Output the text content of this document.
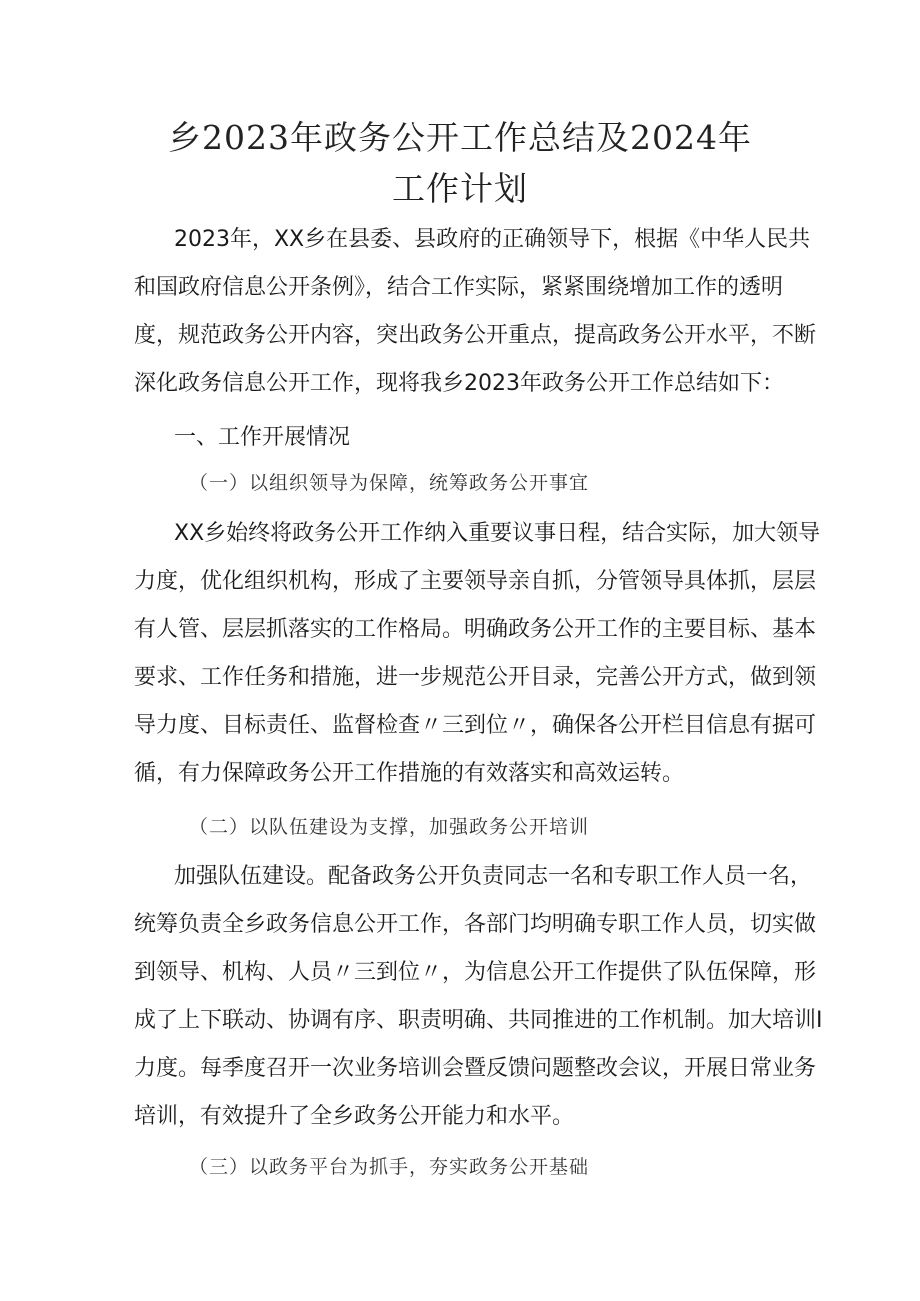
乡2023年政务公开工作总结及2024年
工作计划
2023年，XX乡在县委、县政府的正确领导下，根据《中华人民共
和国政府信息公开条例》，结合工作实际，紧紧围绕增加工作的透明
度，规范政务公开内容，突出政务公开重点，提高政务公开水平，不断
深化政务信息公开工作，现将我乡2023年政务公开工作总结如下：
一、工作开展情况
（一）以组织领导为保障，统筹政务公开事宜
XX乡始终将政务公开工作纳入重要议事日程，结合实际，加大领导
力度，优化组织机构，形成了主要领导亲自抓，分管领导具体抓，层层
有人管、层层抓落实的工作格局。明确政务公开工作的主要目标、基本
要求、工作任务和措施，进一步规范公开目录，完善公开方式，做到领
导力度、目标责任、监督检查〃三到位〃，确保各公开栏目信息有据可
循，有力保障政务公开工作措施的有效落实和高效运转。
（二）以队伍建设为支撑，加强政务公开培训
加强队伍建设。配备政务公开负责同志一名和专职工作人员一名，
统筹负责全乡政务信息公开工作，各部门均明确专职工作人员，切实做
到领导、机构、人员〃三到位〃，为信息公开工作提供了队伍保障，形
成了上下联动、协调有序、职责明确、共同推进的工作机制。加大培训I
力度。每季度召开一次业务培训会暨反馈问题整改会议，开展日常业务
培训，有效提升了全乡政务公开能力和水平。
（三）以政务平台为抓手，夯实政务公开基础
